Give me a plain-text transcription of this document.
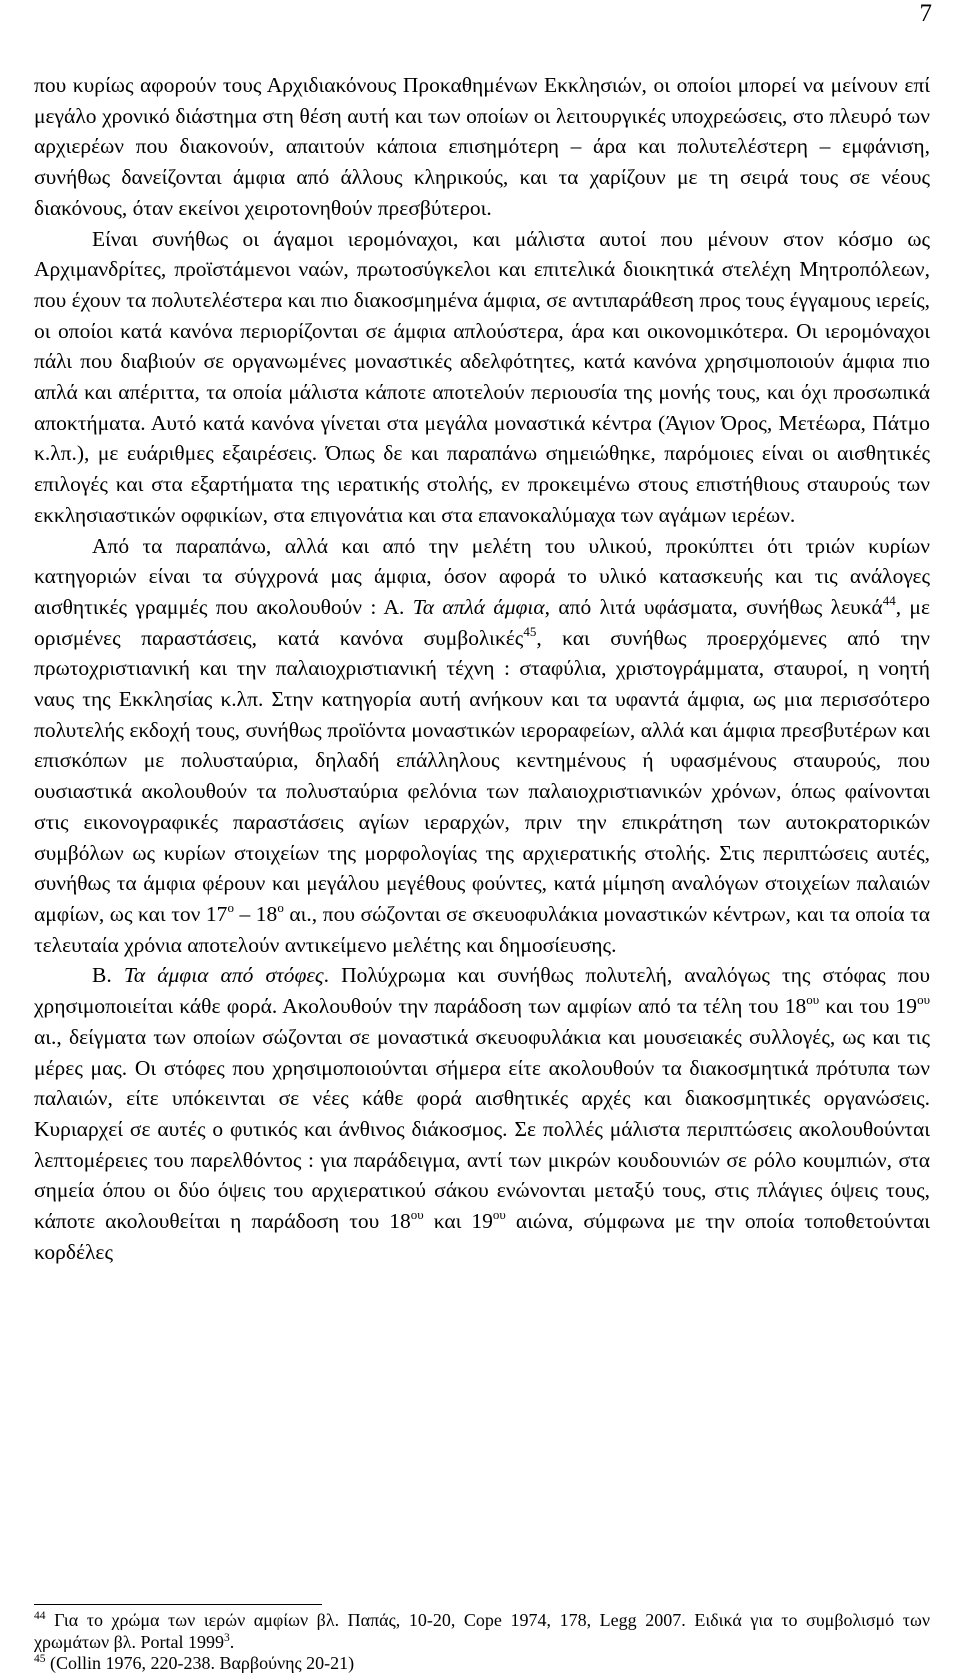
7

που κυρίως αφορούν τους Αρχιδιακόνους Προκαθημένων Εκκλησιών, οι οποίοι μπορεί να μείνουν επί μεγάλο χρονικό διάστημα στη θέση αυτή και των οποίων οι λειτουργικές υποχρεώσεις, στο πλευρό των αρχιερέων που διακονούν, απαιτούν κάποια επισημότερη – άρα και πολυτελέστερη – εμφάνιση, συνήθως δανείζονται άμφια από άλλους κληρικούς, και τα χαρίζουν με τη σειρά τους σε νέους διακόνους, όταν εκείνοι χειροτονηθούν πρεσβύτεροι.

Είναι συνήθως οι άγαμοι ιερομόναχοι, και μάλιστα αυτοί που μένουν στον κόσμο ως Αρχιμανδρίτες, προϊστάμενοι ναών, πρωτοσύγκελοι και επιτελικά διοικητικά στελέχη Μητροπόλεων, που έχουν τα πολυτελέστερα και πιο διακοσμημένα άμφια, σε αντιπαράθεση προς τους έγγαμους ιερείς, οι οποίοι κατά κανόνα περιορίζονται σε άμφια απλούστερα, άρα και οικονομικότερα. Οι ιερομόναχοι πάλι που διαβιούν σε οργανωμένες μοναστικές αδελφότητες, κατά κανόνα χρησιμοποιούν άμφια πιο απλά και απέριττα, τα οποία μάλιστα κάποτε αποτελούν περιουσία της μονής τους, και όχι προσωπικά αποκτήματα. Αυτό κατά κανόνα γίνεται στα μεγάλα μοναστικά κέντρα (Άγιον Όρος, Μετέωρα, Πάτμο κ.λπ.), με ευάριθμες εξαιρέσεις. Όπως δε και παραπάνω σημειώθηκε, παρόμοιες είναι οι αισθητικές επιλογές και στα εξαρτήματα της ιερατικής στολής, εν προκειμένω στους επιστήθιους σταυρούς των εκκλησιαστικών οφφικίων, στα επιγονάτια και στα επανοκαλύμαχα των αγάμων ιερέων.

Από τα παραπάνω, αλλά και από την μελέτη του υλικού, προκύπτει ότι τριών κυρίων κατηγοριών είναι τα σύγχρονά μας άμφια, όσον αφορά το υλικό κατασκευής και τις ανάλογες αισθητικές γραμμές που ακολουθούν : Α. Τα απλά άμφια, από λιτά υφάσματα, συνήθως λευκά$^{44}$, με ορισμένες παραστάσεις, κατά κανόνα συμβολικές$^{45}$, και συνήθως προερχόμενες από την πρωτοχριστιανική και την παλαιοχριστιανική τέχνη : σταφύλια, χριστογράμματα, σταυροί, η νοητή ναυς της Εκκλησίας κ.λπ. Στην κατηγορία αυτή ανήκουν και τα υφαντά άμφια, ως μια περισσότερο πολυτελής εκδοχή τους, συνήθως προϊόντα μοναστικών ιεροραφείων, αλλά και άμφια πρεσβυτέρων και επισκόπων με πολυσταύρια, δηλαδή επάλληλους κεντημένους ή υφασμένους σταυρούς, που ουσιαστικά ακολουθούν τα πολυσταύρια φελόνια των παλαιοχριστιανικών χρόνων, όπως φαίνονται στις εικονογραφικές παραστάσεις αγίων ιεραρχών, πριν την επικράτηση των αυτοκρατορικών συμβόλων ως κυρίων στοιχείων της μορφολογίας της αρχιερατικής στολής. Στις περιπτώσεις αυτές, συνήθως τα άμφια φέρουν και μεγάλου μεγέθους φούντες, κατά μίμηση αναλόγων στοιχείων παλαιών αμφίων, ως και τον $17^o - 18^o$ αι., που σώζονται σε σκευοφυλάκια μοναστικών κέντρων, και τα οποία τα τελευταία χρόνια αποτελούν αντικείμενο μελέτης και δημοσίευσης.

Β. Τα άμφια από στόφες. Πολύχρωμα και συνήθως πολυτελή, αναλόγως της στόφας που χρησιμοποιείται κάθε φορά. Ακολουθούν την παράδοση των αμφίων από τα τέλη του $18^{o\upsilon}$ και του $19^{o\upsilon}$ αι., δείγματα των οποίων σώζονται σε μοναστικά σκευοφυλάκια και μουσειακές συλλογές, ως και τις μέρες μας. Οι στόφες που χρησιμοποιούνται σήμερα είτε ακολουθούν τα διακοσμητικά πρότυπα των παλαιών, είτε υπόκεινται σε νέες κάθε φορά αισθητικές αρχές και διακοσμητικές οργανώσεις. Κυριαρχεί σε αυτές ο φυτικός και άνθινος διάκοσμος. Σε πολλές μάλιστα περιπτώσεις ακολουθούνται λεπτομέρειες του παρελθόντος : για παράδειγμα, αντί των μικρών κουδουνιών σε ρόλο κουμπιών, στα σημεία όπου οι δύο όψεις του αρχιερατικού σάκου ενώνονται μεταξύ τους, στις πλάγιες όψεις τους, κάποτε ακολουθείται η παράδοση του $18^{o\upsilon}$ και $19^{o\upsilon}$ αιώνα, σύμφωνα με την οποία τοποθετούνται κορδέλες

$^{44}$ Για το χρώμα των ιερών αμφίων βλ. Παπάς, 10-20, Cope 1974, 178, Legg 2007. Ειδικά για το συμβολισμό των χρωμάτων βλ. Portal 1999$^3$.

$^{45}$ (Collin 1976, 220-238. Βαρβούνης 20-21)
